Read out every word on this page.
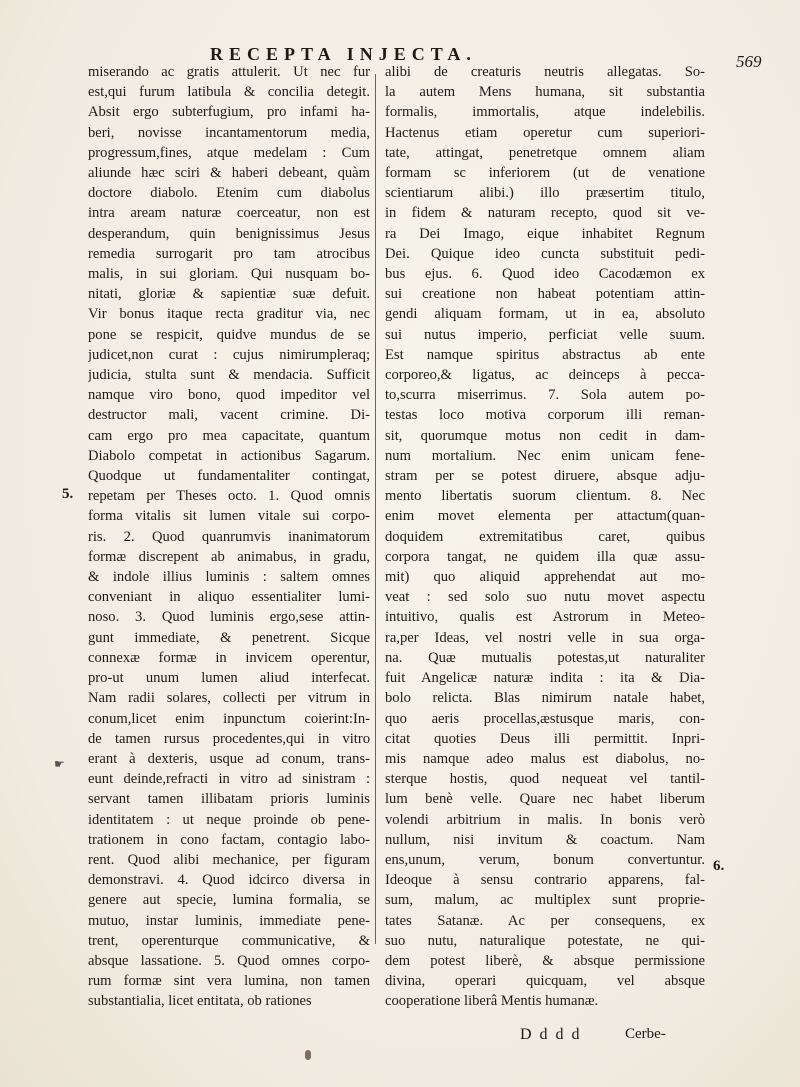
RECEPTA INJECTA.	569
miserando ac gratis attulerit. Ut nec fur
est,qui furum latibula & concilia detegit.
Absit ergo subterfugium, pro infami ha-
beri, novisse incantamentorum media,
progressum,fines, atque medelam : Cum
aliunde hæc sciri & haberi debeant, quàm
doctore diabolo. Etenim cum diabolus
intra aream naturæ coerceatur, non est
desperandum, quin benignissimus Jesus
remedia surrogarit pro tam atrocibus
malis, in sui gloriam. Qui nusquam bo-
nitati, gloriæ & sapientiæ suæ defuit.
Vir bonus itaque recta graditur via, nec
pone se respicit, quidve mundus de se
judicet,non curat : cujus nimirumpleraq;
judicia, stulta sunt & mendacia. Sufficit
namque viro bono, quod impeditor vel
destructor mali, vacent crimine. Di-
cam ergo pro mea capacitate, quantum
Diabolo competat in actionibus Sagarum.
Quodque ut fundamentaliter contingat,
repetam per Theses octo. 1. Quod omnis
forma vitalis sit lumen vitale sui corpo-
ris. 2. Quod quanrumvis inanimatorum
formæ discrepent ab animabus, in gradu,
& indole illius luminis : saltem omnes
conveniant in aliquo essentialiter lumi-
noso. 3. Quod luminis ergo,sese attin-
gunt immediate, & penetrent. Sicque
connexæ formæ in invicem operentur,
pro-ut unum lumen aliud interfecat.
Nam radii solares, collecti per vitrum in
conum,licet enim inpunctum coierint:In-
de tamen rursus procedentes,qui in vitro
erant à dexteris, usque ad conum, trans-
eunt deinde,refracti in vitro ad sinistram :
servant tamen illibatam prioris luminis
identitatem : ut neque proinde ob pene-
trationem in cono factam, contagio labo-
rent. Quod alibi mechanice, per figuram
demonstravi. 4. Quod idcirco diversa in
genere aut specie, lumina formalia, se
mutuo, instar luminis, immediate pene-
trent, operenturque communicative, &
absque lassatione. 5. Quod omnes corpo-
rum formæ sint vera lumina, non tamen
substantialia, licet entitata, ob rationes
alibi de creaturis neutris allegatas. So-
la autem Mens humana, sit substantia
formalis, immortalis, atque indelebilis.
Hactenus etiam operetur cum superiori-
tate, attingat, penetretque omnem aliam
formam sc inferiorem (ut de venatione
scientiarum alibi.) illo præsertim titulo,
in fidem & naturam recepto, quod sit ve-
ra Dei Imago, eique inhabitet Regnum
Dei. Quique ideo cuncta substituit pedi-
bus ejus. 6. Quod ideo Cacodæmon ex
sui creatione non habeat potentiam attin-
gendi aliquam formam, ut in ea, absoluto
sui nutus imperio, perficiat velle suum.
Est namque spiritus abstractus ab ente
corporeo,& ligatus, ac deinceps à pecca-
to,scurra miserrimus. 7. Sola autem po-
testas loco motiva corporum illi reman-
sit, quorumque motus non cedit in dam-
num mortalium. Nec enim unicam fene-
stram per se potest diruere, absque adju-
mento libertatis suorum clientum. 8. Nec
enim movet elementa per attactum(quan-
doquidem extremitatibus caret, quibus
corpora tangat, ne quidem illa quæ assu-
mit) quo aliquid apprehendat aut mo-
veat : sed solo suo nutu movet aspectu
intuitivo, qualis est Astrorum in Meteo-
ra,per Ideas, vel nostri velle in sua orga-
na. Quæ mutualis potestas,ut naturaliter
fuit Angelicæ naturæ indita : ita & Dia-
bolo relicta. Blas nimirum natale habet,
quo aeris procellas,æstusque maris, con-
citat quoties Deus illi permittit. Inpri-
mis namque adeo malus est diabolus, no-
sterque hostis, quod nequeat vel tantil-
lum benè velle. Quare nec habet liberum
volendi arbitrium in malis. In bonis verò
nullum, nisi invitum & coactum. Nam
ens,unum, verum, bonum convertuntur.
Ideoque à sensu contrario apparens, fal-
sum, malum, ac multiplex sunt proprie-
tates Satanæ. Ac per consequens, ex
suo nutu, naturalique potestate, ne qui-
dem potest liberè, & absque permissione
divina, operari quicquam, vel absque
cooperatione liberâ Mentis humanæ.
5.
6.
☛
D d d d	Cerbe-
